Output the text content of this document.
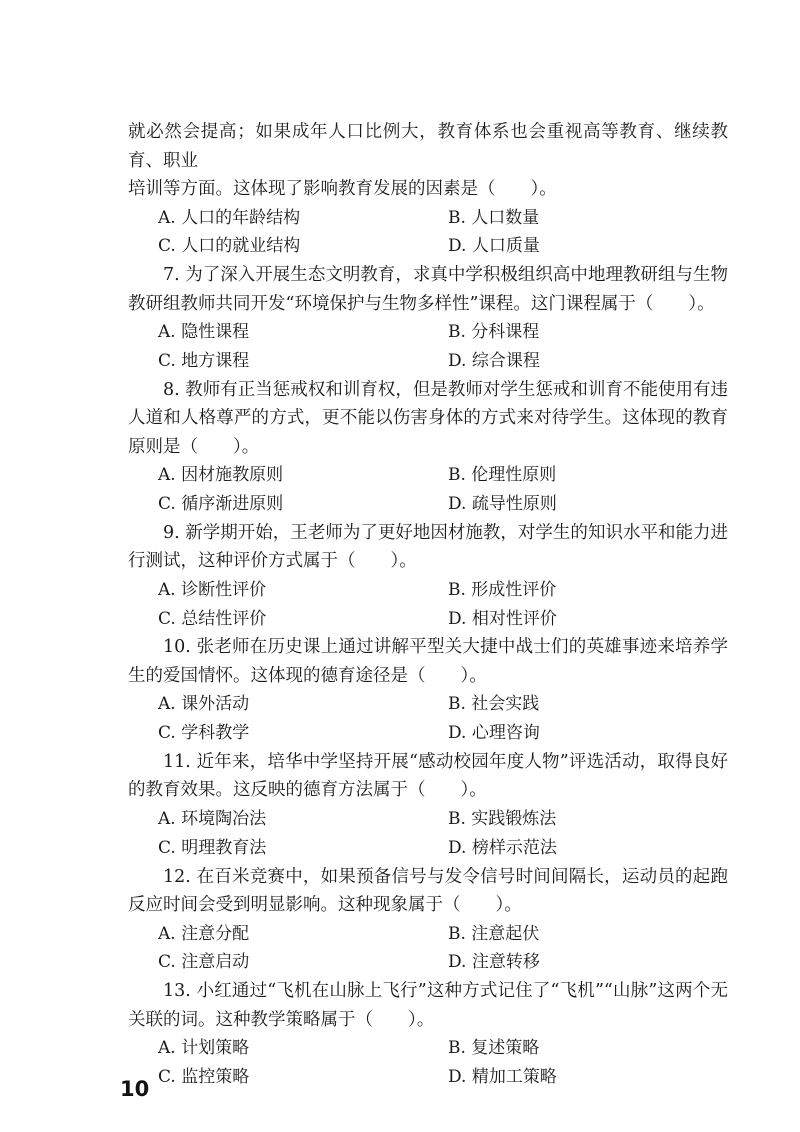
就必然会提高；如果成年人口比例大，教育体系也会重视高等教育、继续教育、职业

培训等方面。这体现了影响教育发展的因素是（　　）。

A. 人口的年龄结构	B. 人口数量
C. 人口的就业结构	D. 人口质量

7. 为了深入开展生态文明教育，求真中学积极组织高中地理教研组与生物教研组教师共同开发“环境保护与生物多样性”课程。这门课程属于（　　）。

A. 隐性课程	B. 分科课程
C. 地方课程	D. 综合课程

8. 教师有正当惩戒权和训育权，但是教师对学生惩戒和训育不能使用有违人道和人格尊严的方式，更不能以伤害身体的方式来对待学生。这体现的教育原则是（　　）。

A. 因材施教原则	B. 伦理性原则
C. 循序渐进原则	D. 疏导性原则

9. 新学期开始，王老师为了更好地因材施教，对学生的知识水平和能力进行测试，这种评价方式属于（　　）。

A. 诊断性评价	B. 形成性评价
C. 总结性评价	D. 相对性评价

10. 张老师在历史课上通过讲解平型关大捷中战士们的英雄事迹来培养学生的爱国情怀。这体现的德育途径是（　　）。

A. 课外活动	B. 社会实践
C. 学科教学	D. 心理咨询

11. 近年来，培华中学坚持开展“感动校园年度人物”评选活动，取得良好的教育效果。这反映的德育方法属于（　　）。

A. 环境陶冶法	B. 实践锻炼法
C. 明理教育法	D. 榜样示范法

12. 在百米竞赛中，如果预备信号与发令信号时间间隔长，运动员的起跑反应时间会受到明显影响。这种现象属于（　　）。

A. 注意分配	B. 注意起伏
C. 注意启动	D. 注意转移

13. 小红通过“飞机在山脉上飞行”这种方式记住了“飞机”“山脉”这两个无关联的词。这种教学策略属于（　　）。

A. 计划策略	B. 复述策略
C. 监控策略	D. 精加工策略
10
